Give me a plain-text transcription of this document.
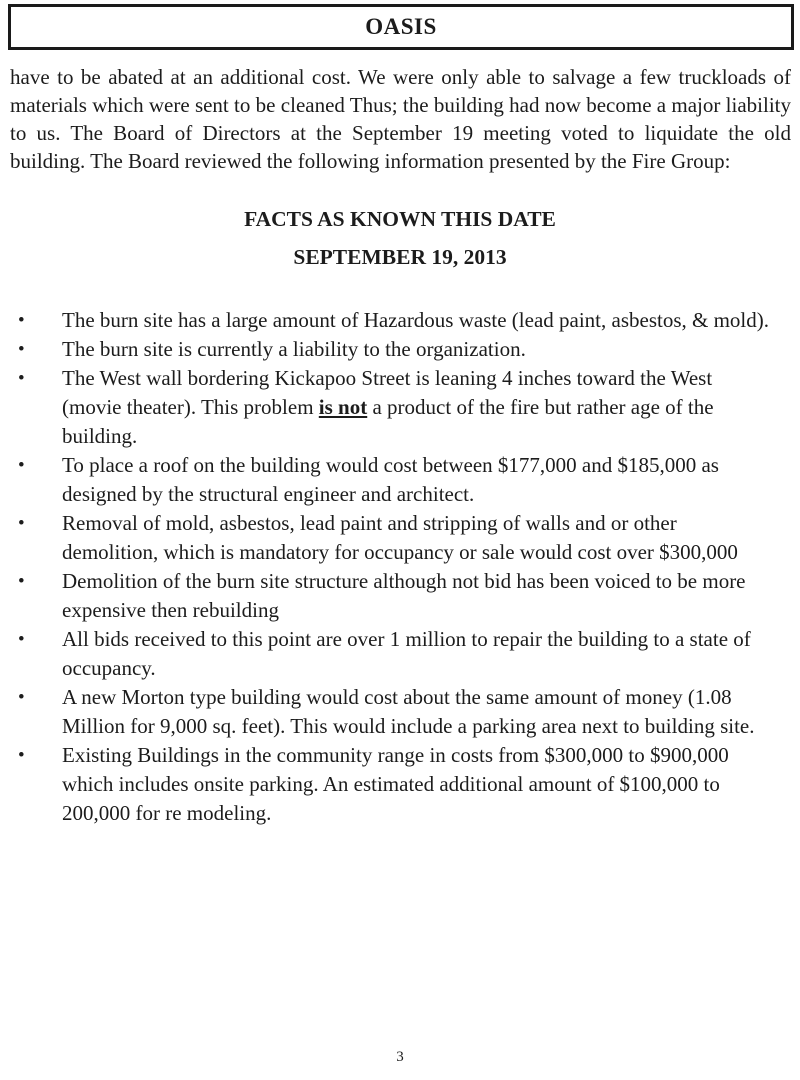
OASIS

have to be abated at an additional cost. We were only able to salvage a few truckloads of materials which were sent to be cleaned Thus; the building had now become a major liability to us. The Board of Directors at the September 19 meeting voted to liquidate the old building. The Board reviewed the following information presented by the Fire Group:

FACTS AS KNOWN THIS DATE
SEPTEMBER 19, 2013
• The burn site has a large amount of Hazardous waste (lead paint, asbestos, & mold).
• The burn site is currently a liability to the organization.
• The West wall bordering Kickapoo Street is leaning 4 inches toward the West (movie theater). This problem is not a product of the fire but rather age of the building.
• To place a roof on the building would cost between $177,000 and $185,000 as designed by the structural engineer and architect.
• Removal of mold, asbestos, lead paint and stripping of walls and or other demolition, which is mandatory for occupancy or sale would cost over $300,000
• Demolition of the burn site structure although not bid has been voiced to be more expensive then rebuilding
• All bids received to this point are over 1 million to repair the building to a state of occupancy.
• A new Morton type building would cost about the same amount of money (1.08 Million for 9,000 sq. feet). This would include a parking area next to building site.
• Existing Buildings in the community range in costs from $300,000 to $900,000 which includes onsite parking. An estimated additional amount of $100,000 to 200,000 for re modeling.
3
